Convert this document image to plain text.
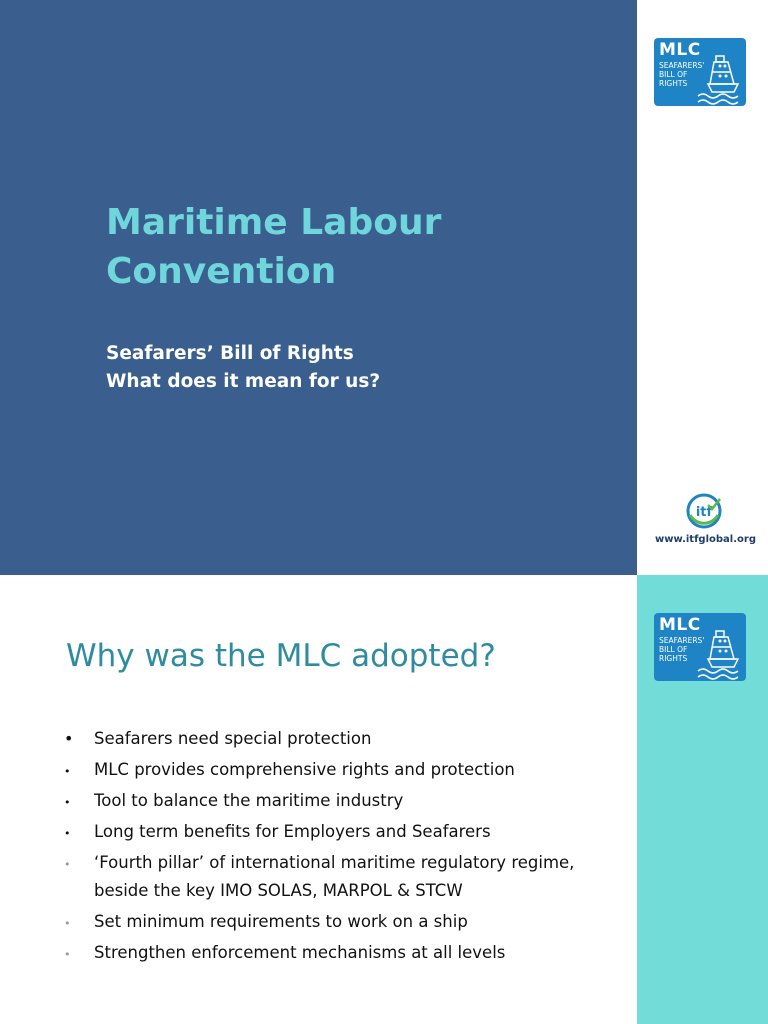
Maritime Labour
Convention
Seafarers’ Bill of Rights
What does it mean for us?
MLC
SEAFARERS'
BILL OF
RIGHTS
itf
www.itfglobal.org
MLC
SEAFARERS'
BILL OF
RIGHTS
Why was the MLC adopted?
• Seafarers need special protection
• MLC provides comprehensive rights and protection
• Tool to balance the maritime industry
• Long term benefits for Employers and Seafarers
• ‘Fourth pillar’ of international maritime regulatory regime, beside the key IMO SOLAS, MARPOL & STCW
• Set minimum requirements to work on a ship
• Strengthen enforcement mechanisms at all levels
